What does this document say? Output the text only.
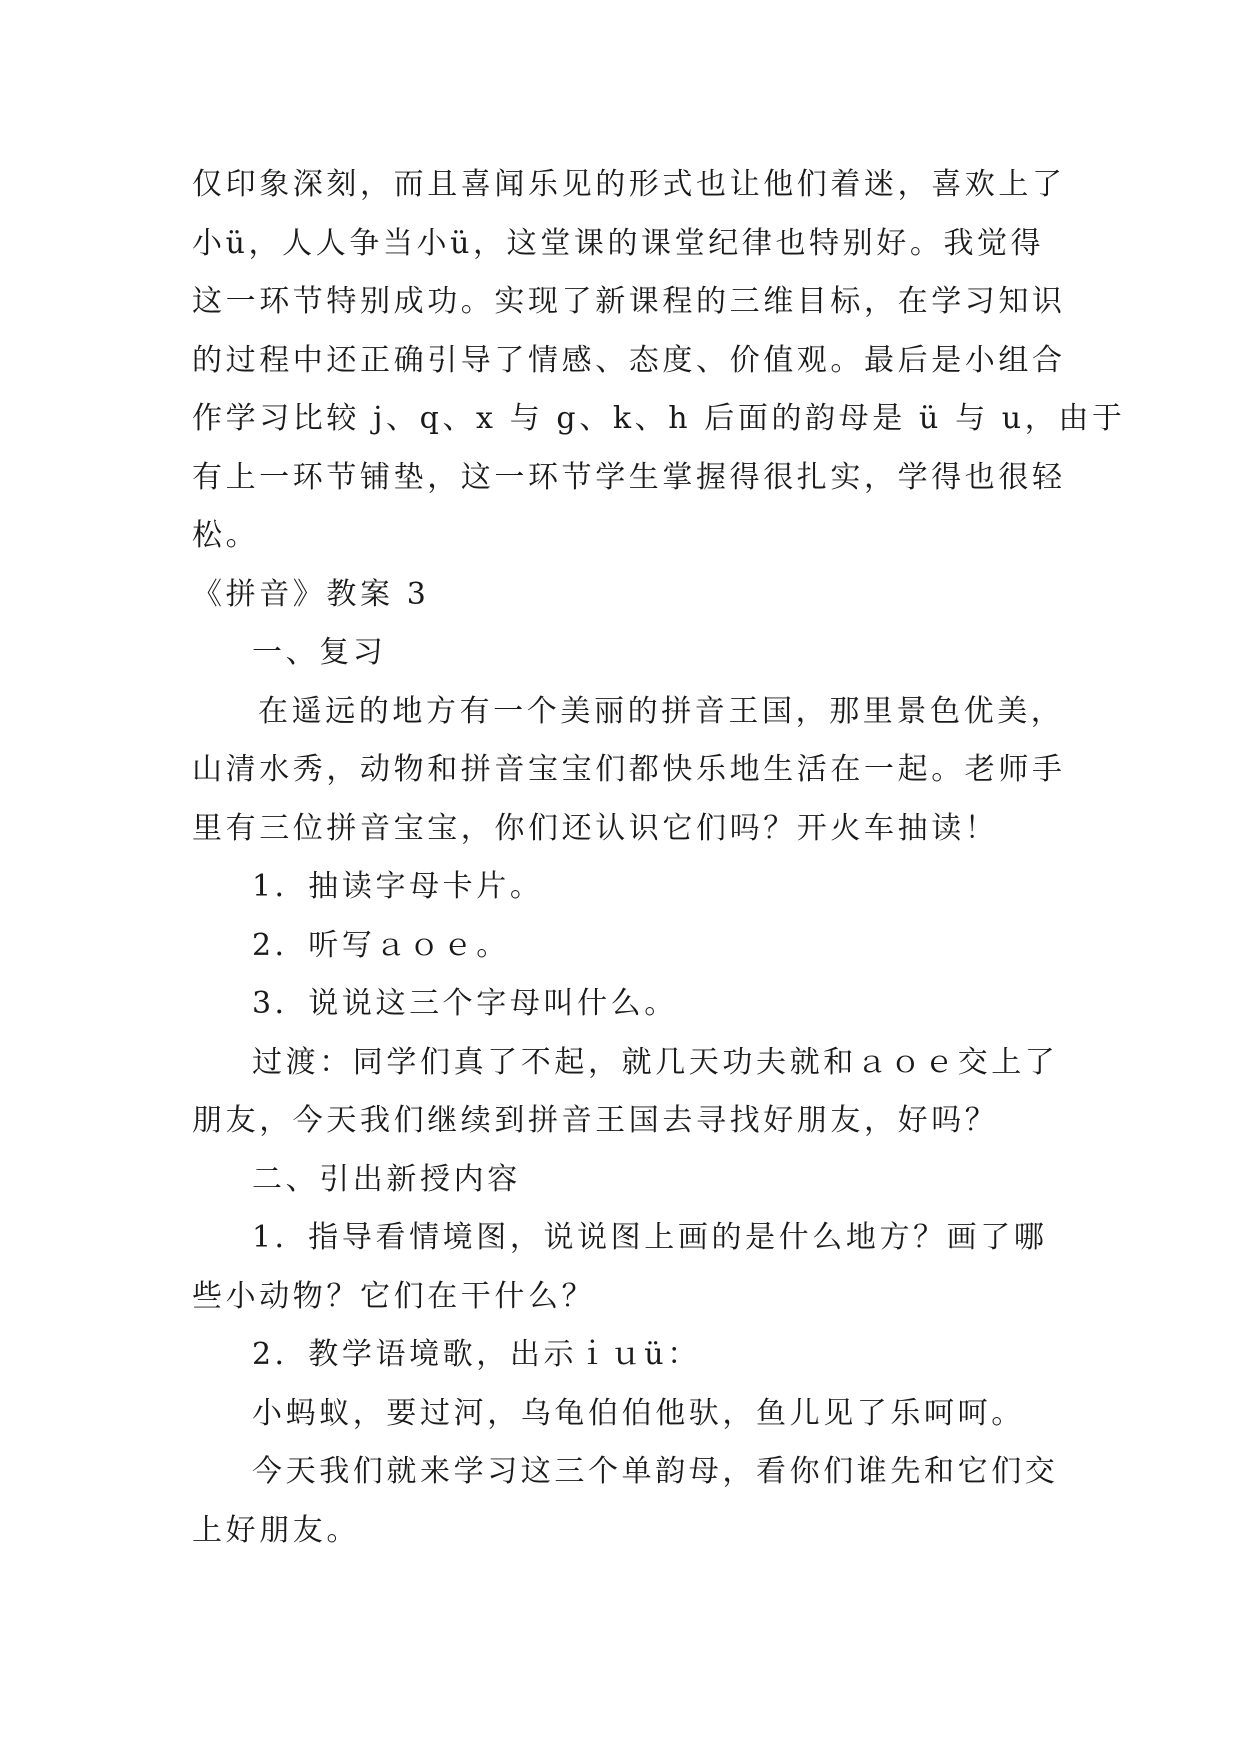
仅印象深刻，而且喜闻乐见的形式也让他们着迷，喜欢上了
小ü，人人争当小ü，这堂课的课堂纪律也特别好。我觉得
这一环节特别成功。实现了新课程的三维目标，在学习知识
的过程中还正确引导了情感、态度、价值观。最后是小组合
作学习比较 j、q、x 与 g、k、h 后面的韵母是 ü 与 u，由于
有上一环节铺垫，这一环节学生掌握得很扎实，学得也很轻
松。
《拼音》教案 3
一、复习
在遥远的地方有一个美丽的拼音王国，那里景色优美，
山清水秀，动物和拼音宝宝们都快乐地生活在一起。老师手
里有三位拼音宝宝，你们还认识它们吗？开火车抽读！
1．抽读字母卡片。
2．听写ａｏｅ。
3．说说这三个字母叫什么。
过渡：同学们真了不起，就几天功夫就和ａｏｅ交上了
朋友，今天我们继续到拼音王国去寻找好朋友，好吗？
二、引出新授内容
1．指导看情境图，说说图上画的是什么地方？画了哪
些小动物？它们在干什么？
2．教学语境歌，出示ｉｕü：
小蚂蚁，要过河，乌龟伯伯他驮，鱼儿见了乐呵呵。
今天我们就来学习这三个单韵母，看你们谁先和它们交
上好朋友。
